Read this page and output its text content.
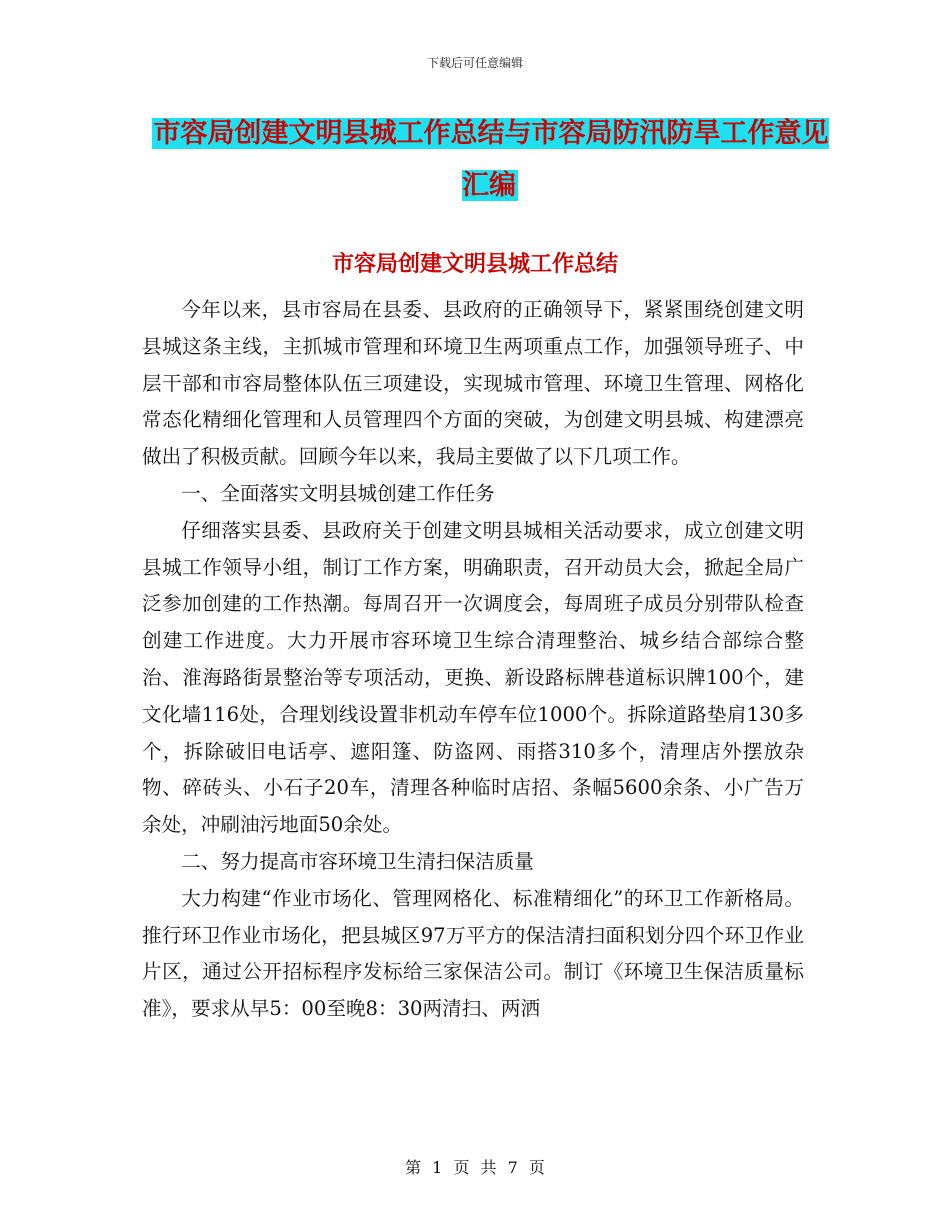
下载后可任意编辑
市容局创建文明县城工作总结与市容局防汛防旱工作意见汇编
市容局创建文明县城工作总结

今年以来，县市容局在县委、县政府的正确领导下，紧紧围绕创建文明县城这条主线，主抓城市管理和环境卫生两项重点工作，加强领导班子、中层干部和市容局整体队伍三项建设，实现城市管理、环境卫生管理、网格化常态化精细化管理和人员管理四个方面的突破，为创建文明县城、构建漂亮做出了积极贡献。回顾今年以来，我局主要做了以下几项工作。

一、全面落实文明县城创建工作任务

仔细落实县委、县政府关于创建文明县城相关活动要求，成立创建文明县城工作领导小组，制订工作方案，明确职责，召开动员大会，掀起全局广泛参加创建的工作热潮。每周召开一次调度会，每周班子成员分别带队检查创建工作进度。大力开展市容环境卫生综合清理整治、城乡结合部综合整治、淮海路街景整治等专项活动，更换、新设路标牌巷道标识牌100个，建文化墙116处，合理划线设置非机动车停车位1000个。拆除道路垫肩130多个，拆除破旧电话亭、遮阳篷、防盗网、雨搭310多个，清理店外摆放杂物、碎砖头、小石子20车，清理各种临时店招、条幅5600余条、小广告万余处，冲刷油污地面50余处。

二、努力提高市容环境卫生清扫保洁质量

大力构建“作业市场化、管理网格化、标准精细化”的环卫工作新格局。推行环卫作业市场化，把县城区97万平方的保洁清扫面积划分四个环卫作业片区，通过公开招标程序发标给三家保洁公司。制订《环境卫生保洁质量标准》，要求从早5：00至晚8：30两清扫、两洒

第 1 页 共 7 页
